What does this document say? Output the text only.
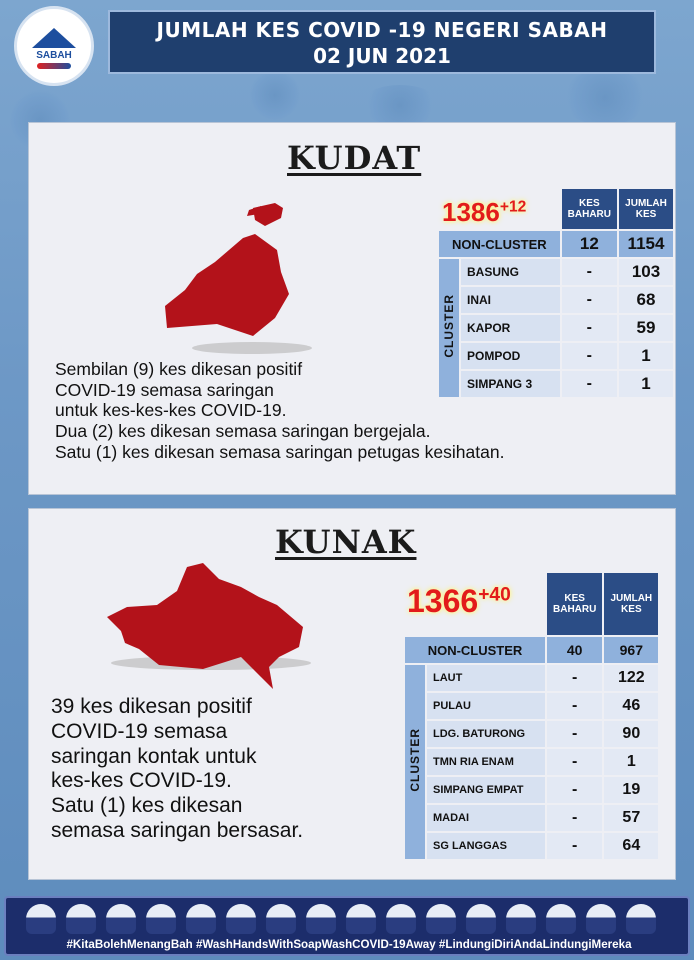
SABAH
JUMLAH KES COVID -19 NEGERI SABAH
02 JUN 2021
KUDAT
$1386^{+12}$
		KES BAHARU	JUMLAH KES
NON-CLUSTER		12	1154
CLUSTER	BASUNG	-	103
	INAI	-	68
	KAPOR	-	59
	POMPOD	-	1
	SIMPANG 3	-	1
Sembilan (9) kes dikesan positif
COVID-19 semasa saringan
untuk kes-kes-kes COVID-19.
Dua (2) kes dikesan semasa saringan bergejala.
Satu (1) kes dikesan semasa saringan petugas kesihatan.
KUNAK
$1366^{+40}$
		KES BAHARU	JUMLAH KES
NON-CLUSTER		40	967
CLUSTER	LAUT	-	122
	PULAU	-	46
	LDG. BATURONG	-	90
	TMN RIA ENAM	-	1
	SIMPANG EMPAT	-	19
	MADAI	-	57
	SG LANGGAS	-	64
39 kes dikesan positif
COVID-19 semasa
saringan kontak untuk
kes-kes COVID-19.
Satu (1) kes dikesan
semasa saringan bersasar.
#KitaBolehMenangBah #WashHandsWithSoapWashCOVID-19Away #LindungiDiriAndaLindungiMereka
